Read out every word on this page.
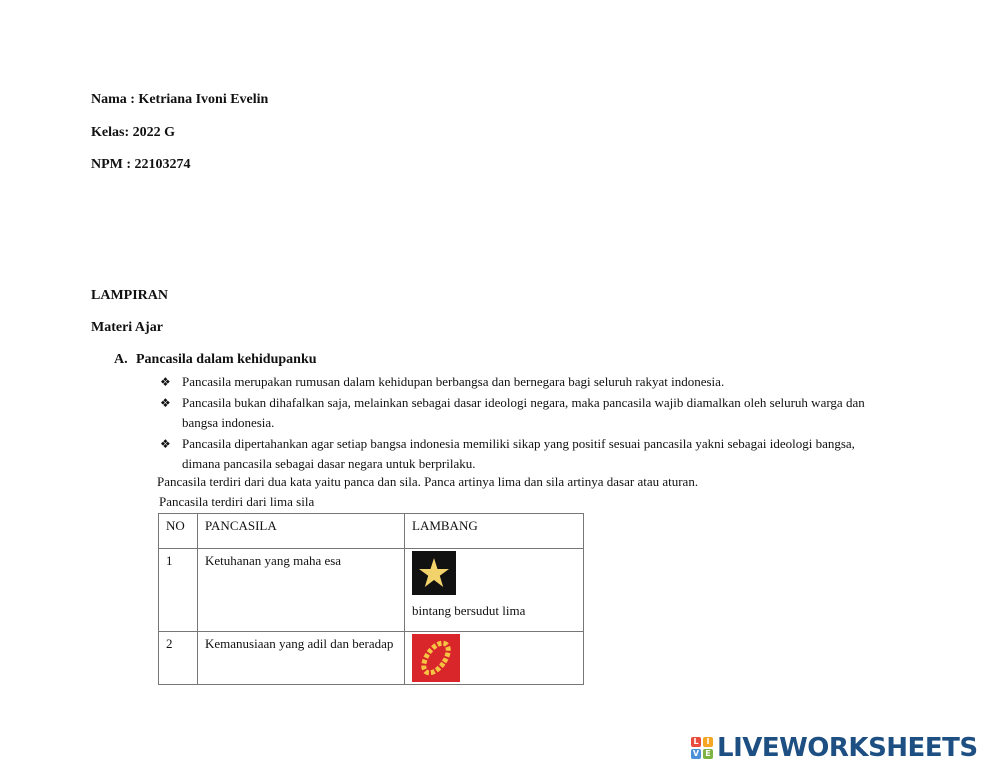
Nama : Ketriana Ivoni Evelin
Kelas: 2022 G
NPM : 22103274
LAMPIRAN
Materi Ajar
A. Pancasila dalam kehidupanku
❖ Pancasila merupakan rumusan dalam kehidupan berbangsa dan bernegara bagi seluruh rakyat indonesia.
❖ Pancasila bukan dihafalkan saja, melainkan sebagai dasar ideologi negara, maka pancasila wajib diamalkan oleh seluruh warga dan bangsa indonesia.
❖ Pancasila dipertahankan agar setiap bangsa indonesia memiliki sikap yang positif sesuai pancasila yakni sebagai ideologi bangsa, dimana pancasila sebagai dasar negara untuk berprilaku.
Pancasila terdiri dari dua kata yaitu panca dan sila. Panca artinya lima dan sila artinya dasar atau aturan.
Pancasila terdiri dari lima sila
NO	PANCASILA	LAMBANG
1	Ketuhanan yang maha esa	bintang bersudut lima

2	Kemanusiaan yang adil dan beradap	
L I
V E LIVEWORKSHEETS
